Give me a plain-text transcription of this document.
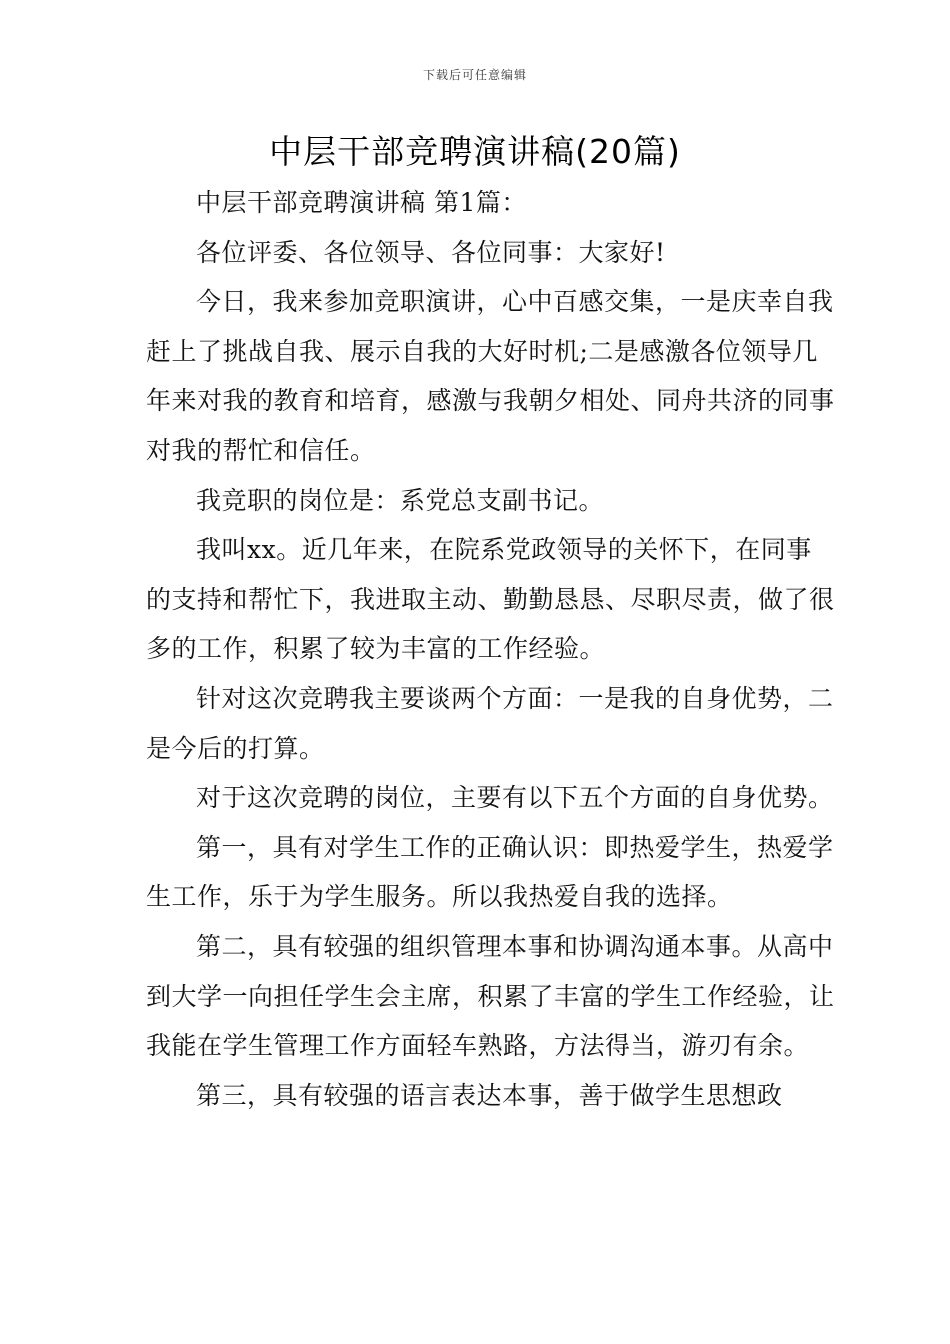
下载后可任意编辑
中层干部竞聘演讲稿(20篇)

中层干部竞聘演讲稿 第1篇：

各位评委、各位领导、各位同事：大家好!

今日，我来参加竞职演讲，心中百感交集，一是庆幸自我赶上了挑战自我、展示自我的大好时机;二是感激各位领导几年来对我的教育和培育，感激与我朝夕相处、同舟共济的同事对我的帮忙和信任。

我竞职的岗位是：系党总支副书记。

我叫xx。近几年来，在院系党政领导的关怀下，在同事的支持和帮忙下，我进取主动、勤勤恳恳、尽职尽责，做了很多的工作，积累了较为丰富的工作经验。

针对这次竞聘我主要谈两个方面：一是我的自身优势，二是今后的打算。

对于这次竞聘的岗位，主要有以下五个方面的自身优势。

第一，具有对学生工作的正确认识：即热爱学生，热爱学生工作，乐于为学生服务。所以我热爱自我的选择。

第二，具有较强的组织管理本事和协调沟通本事。从高中到大学一向担任学生会主席，积累了丰富的学生工作经验，让我能在学生管理工作方面轻车熟路，方法得当，游刃有余。

第三，具有较强的语言表达本事，善于做学生思想政
